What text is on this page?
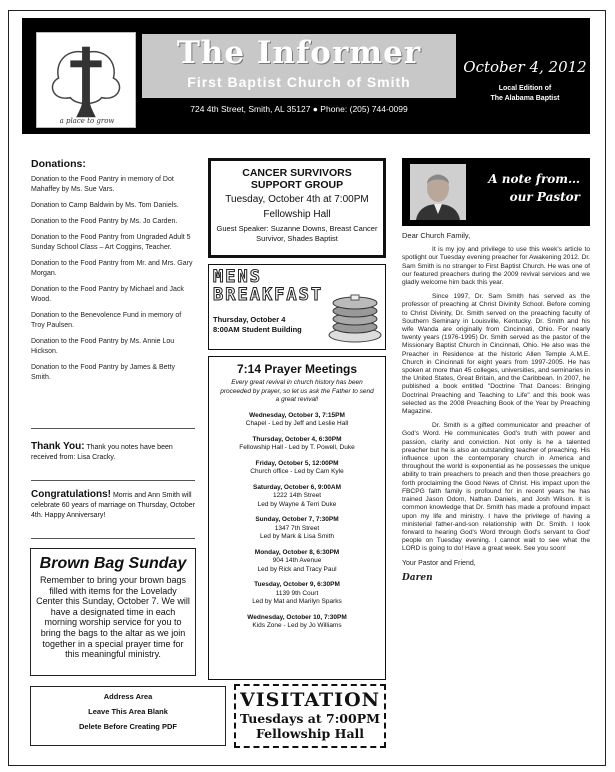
a place to grow
The Informer
First Baptist Church of Smith
724 4th Street, Smith, AL 35127 ● Phone: (205) 744-0099
October 4, 2012
Local Edition of
The Alabama Baptist
Donations:
Donation to the Food Pantry in memory of Dot Mahaffey by Ms. Sue Vars.
Donation to Camp Baldwin by Ms. Tom Daniels.
Donation to the Food Pantry by Ms. Jo Carden.
Donation to the Food Pantry from Ungraded Adult 5 Sunday School Class – Art Coggins, Teacher.
Donation to the Food Pantry from Mr. and Mrs. Gary Morgan.
Donation to the Food Pantry by Michael and Jack Wood.
Donation to the Benevolence Fund in memory of Troy Paulsen.
Donation to the Food Pantry by Ms. Annie Lou Hickson.
Donation to the Food Pantry by James & Betty Smith.
Thank You: Thank you notes have been received from: Lisa Cracky.
Congratulations! Morris and Ann Smith will celebrate 60 years of marriage on Thursday, October 4th. Happy Anniversary!
Brown Bag Sunday
Remember to bring your brown bags filled with items for the Lovelady Center this Sunday, October 7. We will have a designated time in each morning worship service for you to bring the bags to the altar as we join together in a special prayer time for this meaningful ministry.
Address Area
Leave This Area Blank
Delete Before Creating PDF
CANCER SURVIVORS
SUPPORT GROUP
Tuesday, October 4th at 7:00PM
Fellowship Hall
Guest Speaker: Suzanne Downs, Breast Cancer Survivor, Shades Baptist
MENS
BREAKFAST
Thursday, October 4
8:00AM Student Building
7:14 Prayer Meetings
Every great revival in church history has been proceeded by prayer, so let us ask the Father to send a great revival!
Wednesday, October 3, 7:15PM
Chapel - Led by Jeff and Leslie Hall
Thursday, October 4, 6:30PM
Fellowship Hall - Led by T. Powell, Duke
Friday, October 5, 12:00PM
Church office - Led by Cam Kyle
Saturday, October 6, 9:00AM
1222 14th Street
Led by Wayne & Terri Duke
Sunday, October 7, 7:30PM
1347 7th Street
Led by Mark & Lisa Smith
Monday, October 8, 6:30PM
904 14th Avenue
Led by Rick and Tracy Paul
Tuesday, October 9, 6:30PM
1139 9th Court
Led by Mat and Marilyn Sparks
Wednesday, October 10, 7:30PM
Kids Zone - Led by Jo Williams
VISITATION
Tuesdays at 7:00PM
Fellowship Hall
A note from…
our Pastor

Dear Church Family,

It is my joy and privilege to use this week's article to spotlight our Tuesday evening preacher for Awakening 2012. Dr. Sam Smith is no stranger to First Baptist Church. He was one of our featured preachers during the 2009 revival services and we gladly welcome him back this year.

Since 1997, Dr. Sam Smith has served as the professor of preaching at Christ Divinity School. Before coming to Christ Divinity, Dr. Smith served on the preaching faculty of Southern Seminary in Louisville, Kentucky. Dr. Smith and his wife Wanda are originally from Cincinnati, Ohio. For nearly twenty years (1976-1995) Dr. Smith served as the pastor of the Missionary Baptist Church in Cincinnati, Ohio. He also was the Preacher in Residence at the historic Allen Temple A.M.E. Church in Cincinnati for eight years from 1997-2005. He has spoken at more than 45 colleges, universities, and seminaries in the United States, Great Britain, and the Caribbean. In 2007, he published a book entitled "Doctrine That Dances: Bringing Doctrinal Preaching and Teaching to Life" and this book was selected as the 2008 Preaching Book of the Year by Preaching Magazine.

Dr. Smith is a gifted communicator and preacher of God's Word. He communicates God's truth with power and passion, clarity and conviction. Not only is he a talented preacher but he is also an outstanding teacher of preaching. His influence upon the contemporary church in America and throughout the world is exponential as he possesses the unique ability to train preachers to preach and then those preachers go forth proclaiming the Good News of Christ. His impact upon the FBCPG faith family is profound for in recent years he has trained Jason Odom, Nathan Daniels, and Josh Wilson. It is common knowledge that Dr. Smith has made a profound impact upon my life and ministry. I have the privilege of having a ministerial father-and-son relationship with Dr. Smith. I look forward to hearing God's Word through God's servant to God' people on Tuesday evening. I cannot wait to see what the LORD is going to do! Have a great week. See you soon!

Your Pastor and Friend,

Daren
